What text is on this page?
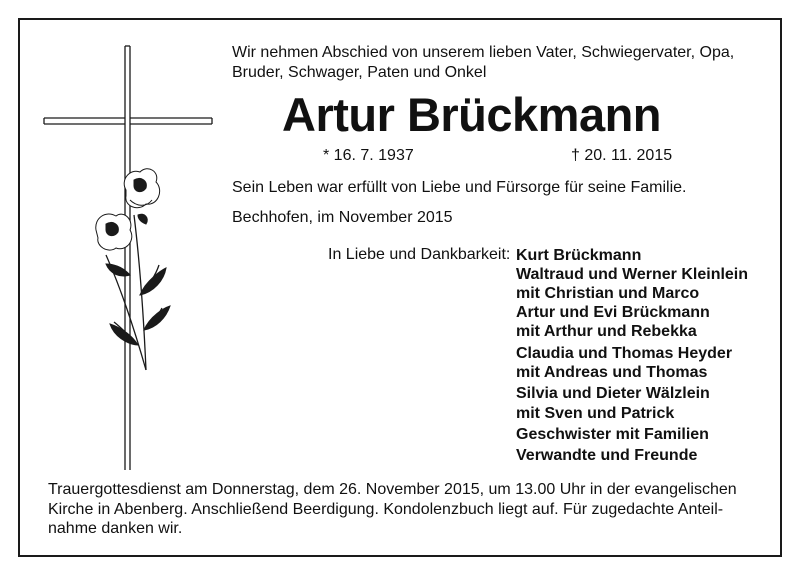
Wir nehmen Abschied von unserem lieben Vater, Schwiegervater, Opa,
Bruder, Schwager, Paten und Onkel
Artur Brückmann
* 16. 7. 1937	† 20. 11. 2015
Sein Leben war erfüllt von Liebe und Fürsorge für seine Familie.
Bechhofen, im November 2015
In Liebe und Dankbarkeit: Kurt Brückmann
Waltraud und Werner Kleinlein
mit Christian und Marco
Artur und Evi Brückmann
mit Arthur und Rebekka
Claudia und Thomas Heyder
mit Andreas und Thomas
Silvia und Dieter Wälzlein
mit Sven und Patrick
Geschwister mit Familien
Verwandte und Freunde
Trauergottesdienst am Donnerstag, dem 26. November 2015, um 13.00 Uhr in der evangelischen
Kirche in Abenberg. Anschließend Beerdigung. Kondolenzbuch liegt auf. Für zugedachte Anteil-
nahme danken wir.
